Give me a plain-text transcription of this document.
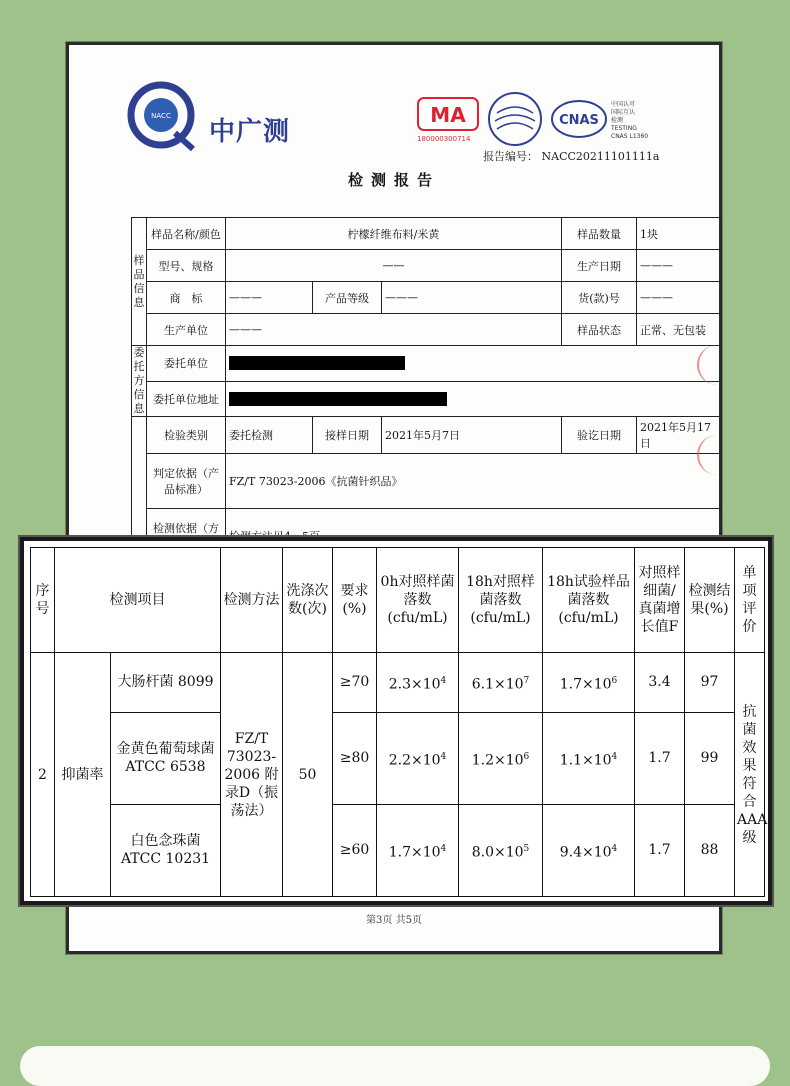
NACC
中广测
MA
180000300714
CNAS
中国认可
国际互认
检测
TESTING
CNAS L1360
报告编号： NACC20211101111a
检测报告
样品信息	样品名称/颜色	柠檬纤维布料/米黄			样品数量	1块
	型号、规格	——			生产日期	———
	商　标	———	产品等级	———	货(款)号	———
	生产单位	———			样品状态	正常、无包装
委托方信息	委托单位					
	委托单位地址					
	检验类别	委托检测	接样日期	2021年5月7日	验讫日期	2021年5月17日
	判定依据（产品标准）	FZ/T 73023-2006《抗菌针织品》				
	检测依据（方	
第3页 共5页
序号	检测项目		检测方法	洗涤次数(次)	要求(%)	0h对照样菌落数(cfu/mL)	18h对照样菌落数(cfu/mL)	18h试验样品菌落数(cfu/mL)	对照样细菌/真菌增长值F	检测结果(%)	单项评价
2	抑菌率	大肠杆菌 8099	FZ/T 73023-2006 附录D（振荡法）	50	≥70	$2.3\times 10^4$	$6.1\times 10^7$	$1.7\times 10^6$	3.4	97	抗菌效果符合AAA级
		金黄色葡萄球菌 ATCC 6538			≥80	$2.2\times 10^4$	$1.2\times 10^6$	$1.1\times 10^4$	1.7	99	
		白色念珠菌 ATCC 10231			≥60	$1.7\times 10^4$	$8.0\times 10^5$	$9.4\times 10^4$	1.7	88	
